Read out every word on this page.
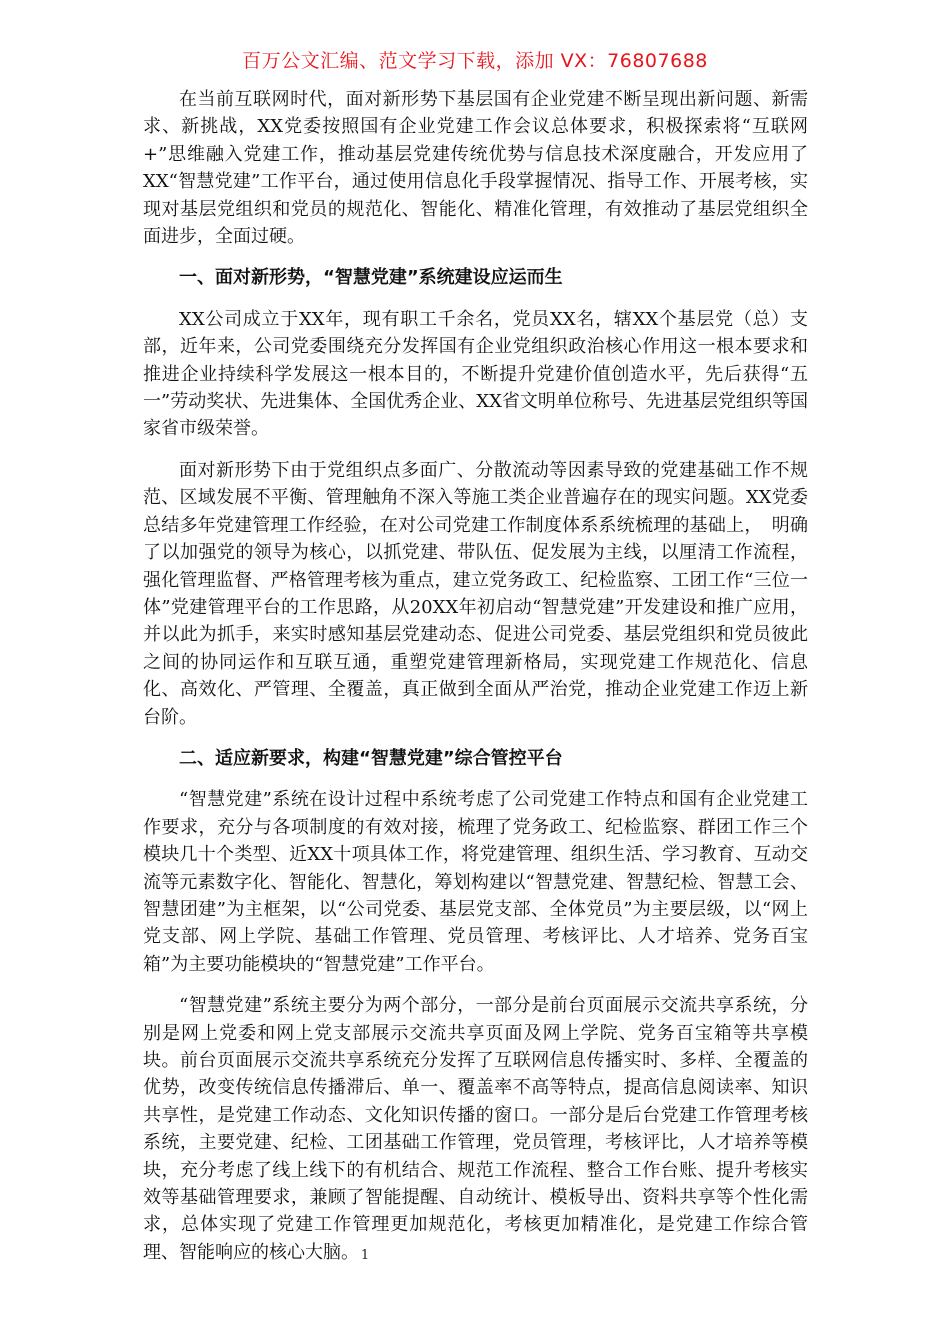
百万公文汇编、范文学习下载，添加 VX：76807688

在当前互联网时代，面对新形势下基层国有企业党建不断呈现出新问题、新需求、新挑战，XX党委按照国有企业党建工作会议总体要求，积极探索将“互联网+”思维融入党建工作，推动基层党建传统优势与信息技术深度融合，开发应用了XX“智慧党建”工作平台，通过使用信息化手段掌握情况、指导工作、开展考核，实现对基层党组织和党员的规范化、智能化、精准化管理，有效推动了基层党组织全面进步，全面过硬。

一、面对新形势，“智慧党建”系统建设应运而生

XX公司成立于XX年，现有职工千余名，党员XX名，辖XX个基层党（总）支部，近年来，公司党委围绕充分发挥国有企业党组织政治核心作用这一根本要求和推进企业持续科学发展这一根本目的，不断提升党建价值创造水平，先后获得“五一”劳动奖状、先进集体、全国优秀企业、XX省文明单位称号、先进基层党组织等国家省市级荣誉。

面对新形势下由于党组织点多面广、分散流动等因素导致的党建基础工作不规范、区域发展不平衡、管理触角不深入等施工类企业普遍存在的现实问题。XX党委总结多年党建管理工作经验，在对公司党建工作制度体系系统梳理的基础上，　明确了以加强党的领导为核心，以抓党建、带队伍、促发展为主线，以厘清工作流程，强化管理监督、严格管理考核为重点，建立党务政工、纪检监察、工团工作“三位一体”党建管理平台的工作思路，从20XX年初启动“智慧党建”开发建设和推广应用，并以此为抓手，来实时感知基层党建动态、促进公司党委、基层党组织和党员彼此之间的协同运作和互联互通，重塑党建管理新格局，实现党建工作规范化、信息化、高效化、严管理、全覆盖，真正做到全面从严治党，推动企业党建工作迈上新台阶。

二、适应新要求，构建“智慧党建”综合管控平台

“智慧党建”系统在设计过程中系统考虑了公司党建工作特点和国有企业党建工作要求，充分与各项制度的有效对接，梳理了党务政工、纪检监察、群团工作三个模块几十个类型、近XX十项具体工作，将党建管理、组织生活、学习教育、互动交流等元素数字化、智能化、智慧化，筹划构建以“智慧党建、智慧纪检、智慧工会、智慧团建”为主框架，以“公司党委、基层党支部、全体党员”为主要层级，以“网上党支部、网上学院、基础工作管理、党员管理、考核评比、人才培养、党务百宝箱”为主要功能模块的“智慧党建”工作平台。

“智慧党建”系统主要分为两个部分，一部分是前台页面展示交流共享系统，分别是网上党委和网上党支部展示交流共享页面及网上学院、党务百宝箱等共享模块。前台页面展示交流共享系统充分发挥了互联网信息传播实时、多样、全覆盖的优势，改变传统信息传播滞后、单一、覆盖率不高等特点，提高信息阅读率、知识共享性，是党建工作动态、文化知识传播的窗口。一部分是后台党建工作管理考核系统，主要党建、纪检、工团基础工作管理，党员管理，考核评比，人才培养等模块，充分考虑了线上线下的有机结合、规范工作流程、整合工作台账、提升考核实效等基础管理要求，兼顾了智能提醒、自动统计、模板导出、资料共享等个性化需求，总体实现了党建工作管理更加规范化，考核更加精准化，是党建工作综合管理、智能响应的核心大脑。 1
